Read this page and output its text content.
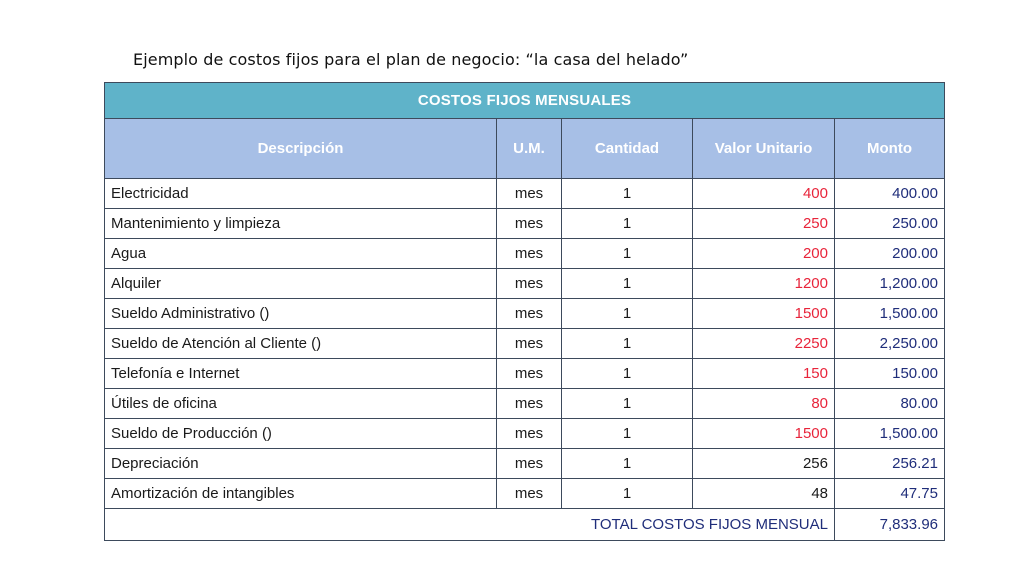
Ejemplo de costos fijos para el plan de negocio: “la casa del helado”
COSTOS FIJOS MENSUALES				
Descripción	U.M.	Cantidad	Valor Unitario	Monto
Electricidad	mes	1	400	400.00
Mantenimiento y limpieza	mes	1	250	250.00
Agua	mes	1	200	200.00
Alquiler	mes	1	1200	1,200.00
Sueldo Administrativo ()	mes	1	1500	1,500.00
Sueldo de Atención al Cliente ()	mes	1	2250	2,250.00
Telefonía e Internet	mes	1	150	150.00
Útiles de oficina	mes	1	80	80.00
Sueldo de Producción ()	mes	1	1500	1,500.00
Depreciación	mes	1	256	256.21
Amortización de intangibles	mes	1	48	47.75
TOTAL COSTOS FIJOS MENSUAL				7,833.96
